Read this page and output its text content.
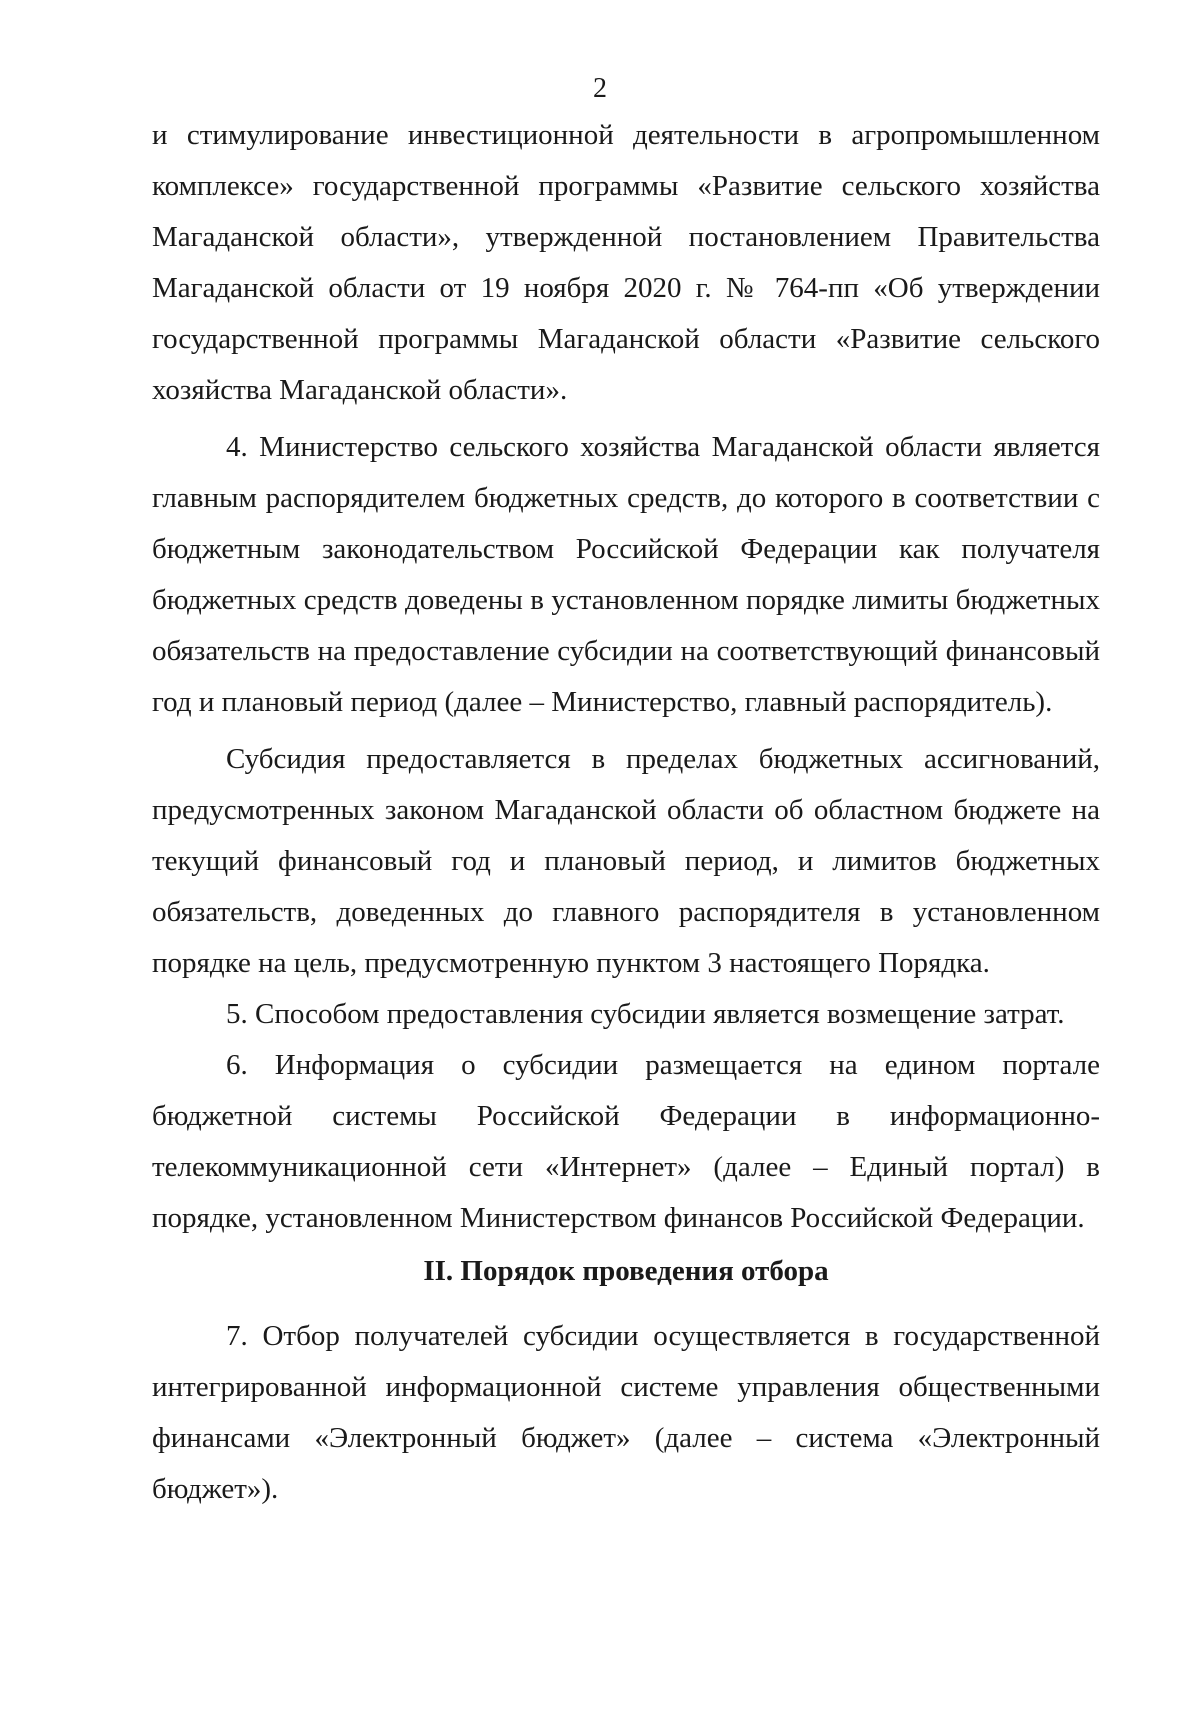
2

и стимулирование инвестиционной деятельности в агропромышленном комплексе» государственной программы «Развитие сельского хозяйства Магаданской области», утвержденной постановлением Правительства Магаданской области от 19 ноября 2020 г. № 764-пп «Об утверждении государственной программы Магаданской области «Развитие сельского хозяйства Магаданской области».

4. Министерство сельского хозяйства Магаданской области является главным распорядителем бюджетных средств, до которого в соответствии с бюджетным законодательством Российской Федерации как получателя бюджетных средств доведены в установленном порядке лимиты бюджетных обязательств на предоставление субсидии на соответствующий финансовый год и плановый период (далее – Министерство, главный распорядитель).

Субсидия предоставляется в пределах бюджетных ассигнований, предусмотренных законом Магаданской области об областном бюджете на текущий финансовый год и плановый период, и лимитов бюджетных обязательств, доведенных до главного распорядителя в установленном порядке на цель, предусмотренную пунктом 3 настоящего Порядка.

5. Способом предоставления субсидии является возмещение затрат.

6. Информация о субсидии размещается на едином портале бюджетной системы Российской Федерации в информационно-телекоммуникационной сети «Интернет» (далее – Единый портал) в порядке, установленном Министерством финансов Российской Федерации.

II. Порядок проведения отбора

7. Отбор получателей субсидии осуществляется в государственной интегрированной информационной системе управления общественными финансами «Электронный бюджет» (далее – система «Электронный бюджет»).
